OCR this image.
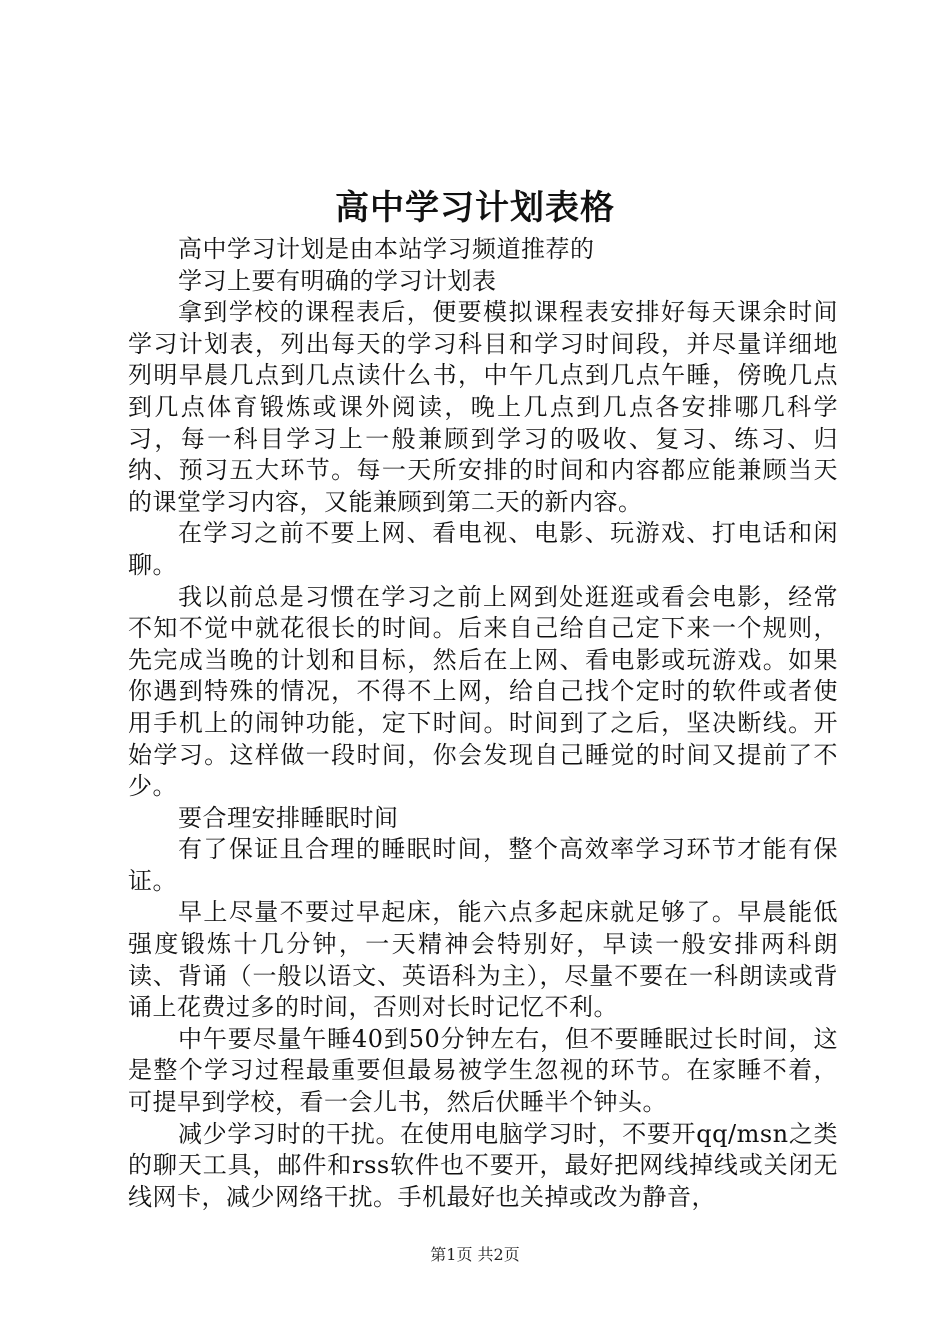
高中学习计划表格

高中学习计划是由本站学习频道推荐的

学习上要有明确的学习计划表

拿到学校的课程表后，便要模拟课程表安排好每天课余时间学习计划表，列出每天的学习科目和学习时间段，并尽量详细地列明早晨几点到几点读什么书，中午几点到几点午睡，傍晚几点到几点体育锻炼或课外阅读，晚上几点到几点各安排哪几科学习，每一科目学习上一般兼顾到学习的吸收、复习、练习、归纳、预习五大环节。每一天所安排的时间和内容都应能兼顾当天的课堂学习内容，又能兼顾到第二天的新内容。

在学习之前不要上网、看电视、电影、玩游戏、打电话和闲聊。

我以前总是习惯在学习之前上网到处逛逛或看会电影，经常不知不觉中就花很长的时间。后来自己给自己定下来一个规则，先完成当晚的计划和目标，然后在上网、看电影或玩游戏。如果你遇到特殊的情况，不得不上网，给自己找个定时的软件或者使用手机上的闹钟功能，定下时间。时间到了之后，坚决断线。开始学习。这样做一段时间，你会发现自己睡觉的时间又提前了不少。

要合理安排睡眠时间

有了保证且合理的睡眠时间，整个高效率学习环节才能有保证。

早上尽量不要过早起床，能六点多起床就足够了。早晨能低强度锻炼十几分钟，一天精神会特别好，早读一般安排两科朗读、背诵（一般以语文、英语科为主），尽量不要在一科朗读或背诵上花费过多的时间，否则对长时记忆不利。

中午要尽量午睡40到50分钟左右，但不要睡眠过长时间，这是整个学习过程最重要但最易被学生忽视的环节。在家睡不着，可提早到学校，看一会儿书，然后伏睡半个钟头。

减少学习时的干扰。在使用电脑学习时，不要开qq/msn之类的聊天工具，邮件和rss软件也不要开，最好把网线掉线或关闭无线网卡，减少网络干扰。手机最好也关掉或改为静音，

第1页 共2页
